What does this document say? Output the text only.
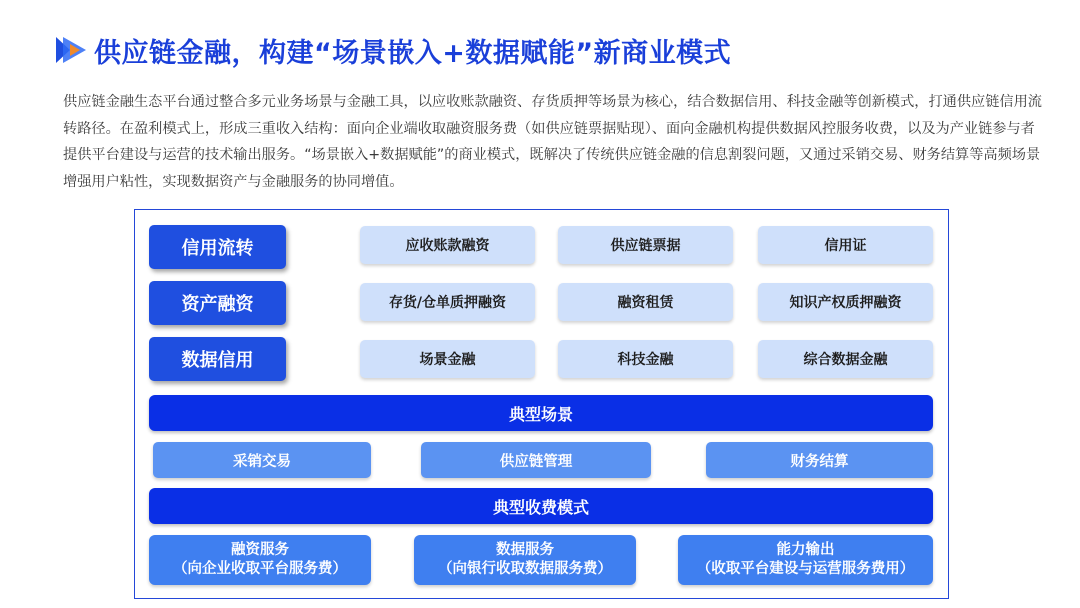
供应链金融，构建“场景嵌入+数据赋能”新商业模式

供应链金融生态平台通过整合多元业务场景与金融工具，以应收账款融资、存货质押等场景为核心，结合数据信用、科技金融等创新模式，打通供应链信用流转路径。在盈利模式上，形成三重收入结构：面向企业端收取融资服务费（如供应链票据贴现）、面向金融机构提供数据风控服务收费，以及为产业链参与者提供平台建设与运营的技术输出服务。“场景嵌入+数据赋能”的商业模式，既解决了传统供应链金融的信息割裂问题，又通过采销交易、财务结算等高频场景增强用户粘性，实现数据资产与金融服务的协同增值。

信用流转	应收账款融资	供应链票据	信用证
资产融资	存货/仓单质押融资	融资租赁	知识产权质押融资
数据信用	场景金融	科技金融	综合数据金融
典型场景
采销交易	供应链管理	财务结算
典型收费模式
融资服务
（向企业收取平台服务费）
数据服务
（向银行收取数据服务费）
能力输出
（收取平台建设与运营服务费用）
